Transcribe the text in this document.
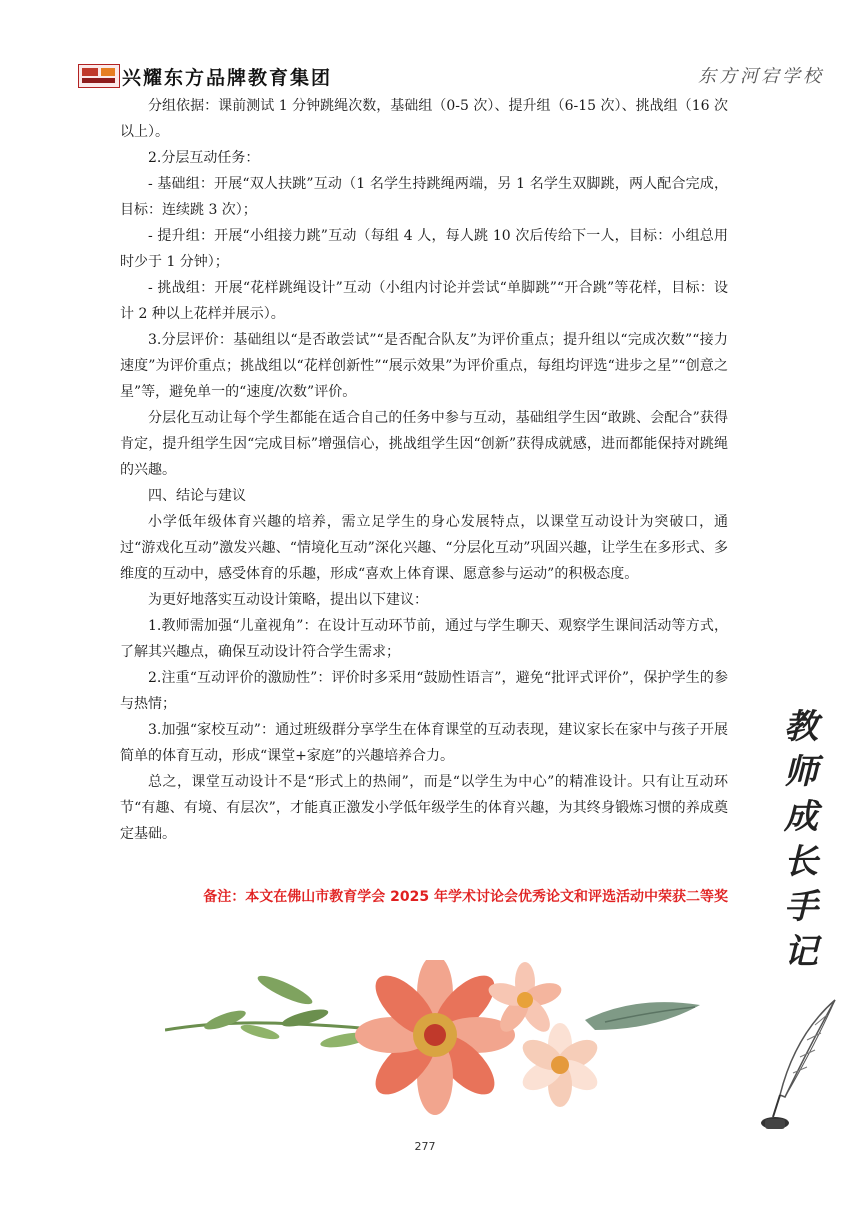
兴耀东方品牌教育集团	东方河宕学校

分组依据：课前测试 1 分钟跳绳次数，基础组（0-5 次）、提升组（6-15 次）、挑战组（16 次以上）。

2.分层互动任务：

- 基础组：开展“双人扶跳”互动（1 名学生持跳绳两端，另 1 名学生双脚跳，两人配合完成，目标：连续跳 3 次）；

- 提升组：开展“小组接力跳”互动（每组 4 人，每人跳 10 次后传给下一人，目标：小组总用时少于 1 分钟）；

- 挑战组：开展“花样跳绳设计”互动（小组内讨论并尝试“单脚跳”“开合跳”等花样，目标：设计 2 种以上花样并展示）。

3.分层评价：基础组以“是否敢尝试”“是否配合队友”为评价重点；提升组以“完成次数”“接力速度”为评价重点；挑战组以“花样创新性”“展示效果”为评价重点，每组均评选“进步之星”“创意之星”等，避免单一的“速度/次数”评价。

分层化互动让每个学生都能在适合自己的任务中参与互动，基础组学生因“敢跳、会配合”获得肯定，提升组学生因“完成目标”增强信心，挑战组学生因“创新”获得成就感，进而都能保持对跳绳的兴趣。

四、结论与建议

小学低年级体育兴趣的培养，需立足学生的身心发展特点，以课堂互动设计为突破口，通过“游戏化互动”激发兴趣、“情境化互动”深化兴趣、“分层化互动”巩固兴趣，让学生在多形式、多维度的互动中，感受体育的乐趣，形成“喜欢上体育课、愿意参与运动”的积极态度。

为更好地落实互动设计策略，提出以下建议：

1.教师需加强“儿童视角”：在设计互动环节前，通过与学生聊天、观察学生课间活动等方式，了解其兴趣点，确保互动设计符合学生需求；

2.注重“互动评价的激励性”：评价时多采用“鼓励性语言”，避免“批评式评价”，保护学生的参与热情；

3.加强“家校互动”：通过班级群分享学生在体育课堂的互动表现，建议家长在家中与孩子开展简单的体育互动，形成“课堂+家庭”的兴趣培养合力。

总之，课堂互动设计不是“形式上的热闹”，而是“以学生为中心”的精准设计。只有让互动环节“有趣、有境、有层次”，才能真正激发小学低年级学生的体育兴趣，为其终身锻炼习惯的养成奠定基础。

备注：本文在佛山市教育学会 2025 年学术讨论会优秀论文和评选活动中荣获二等奖
教
师
成
长
手
记
277
